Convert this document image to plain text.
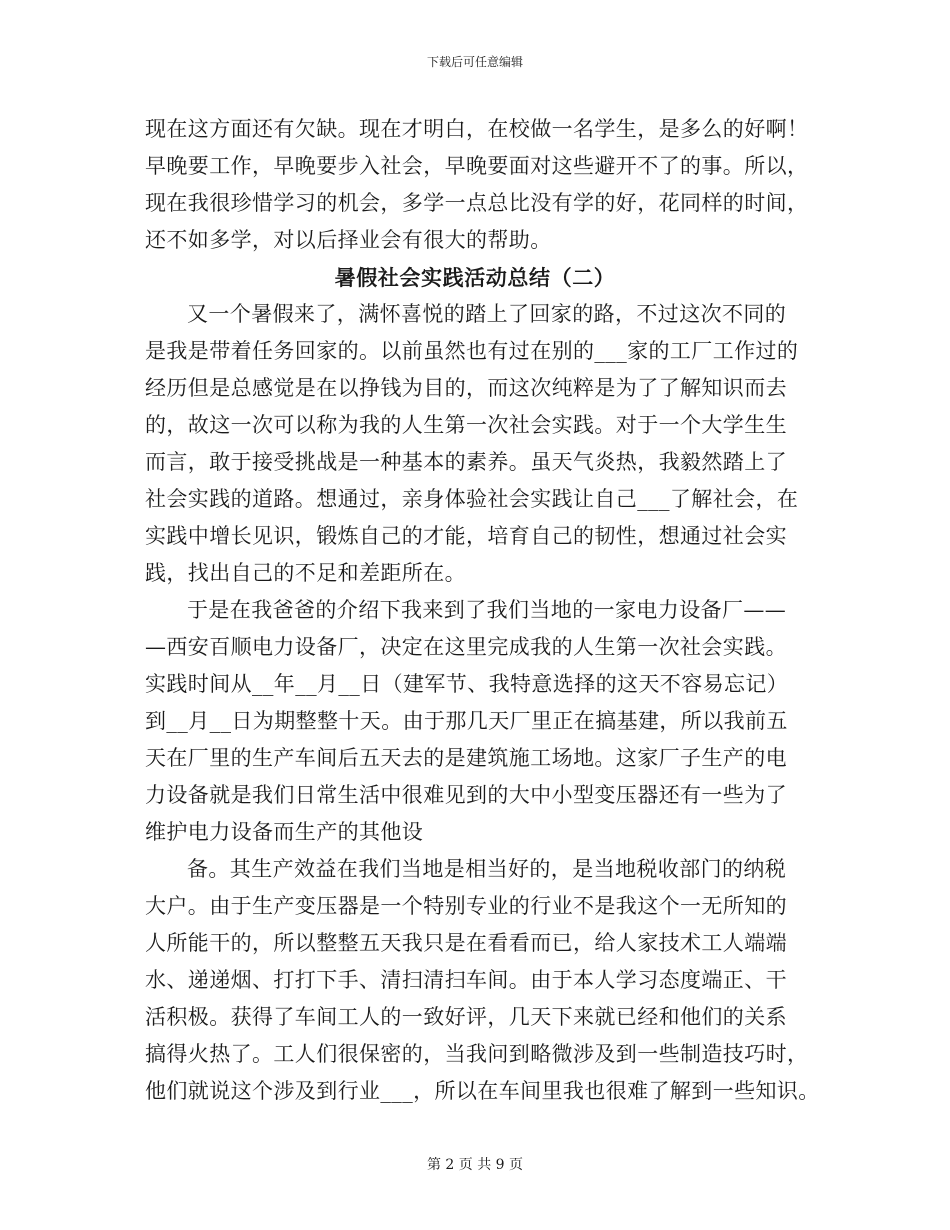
下载后可任意编辑
现在这方面还有欠缺。现在才明白，在校做一名学生，是多么的好啊！
早晚要工作，早晚要步入社会，早晚要面对这些避开不了的事。所以，
现在我很珍惜学习的机会，多学一点总比没有学的好，花同样的时间，
还不如多学，对以后择业会有很大的帮助。
暑假社会实践活动总结（二）
又一个暑假来了，满怀喜悦的踏上了回家的路，不过这次不同的
是我是带着任务回家的。以前虽然也有过在别的___家的工厂工作过的
经历但是总感觉是在以挣钱为目的，而这次纯粹是为了了解知识而去
的，故这一次可以称为我的人生第一次社会实践。对于一个大学生生
而言，敢于接受挑战是一种基本的素养。虽天气炎热，我毅然踏上了
社会实践的道路。想通过，亲身体验社会实践让自己___了解社会，在
实践中增长见识，锻炼自己的才能，培育自己的韧性，想通过社会实
践，找出自己的不足和差距所在。
于是在我爸爸的介绍下我来到了我们当地的一家电力设备厂——
—西安百顺电力设备厂，决定在这里完成我的人生第一次社会实践。
实践时间从__年__月__日（建军节、我特意选择的这天不容易忘记）
到__月__日为期整整十天。由于那几天厂里正在搞基建，所以我前五
天在厂里的生产车间后五天去的是建筑施工场地。这家厂子生产的电
力设备就是我们日常生活中很难见到的大中小型变压器还有一些为了
维护电力设备而生产的其他设
备。其生产效益在我们当地是相当好的，是当地税收部门的纳税
大户。由于生产变压器是一个特别专业的行业不是我这个一无所知的
人所能干的，所以整整五天我只是在看看而已，给人家技术工人端端
水、递递烟、打打下手、清扫清扫车间。由于本人学习态度端正、干
活积极。获得了车间工人的一致好评，几天下来就已经和他们的关系
搞得火热了。工人们很保密的，当我问到略微涉及到一些制造技巧时，
他们就说这个涉及到行业___，所以在车间里我也很难了解到一些知识。
第 2 页 共 9 页
